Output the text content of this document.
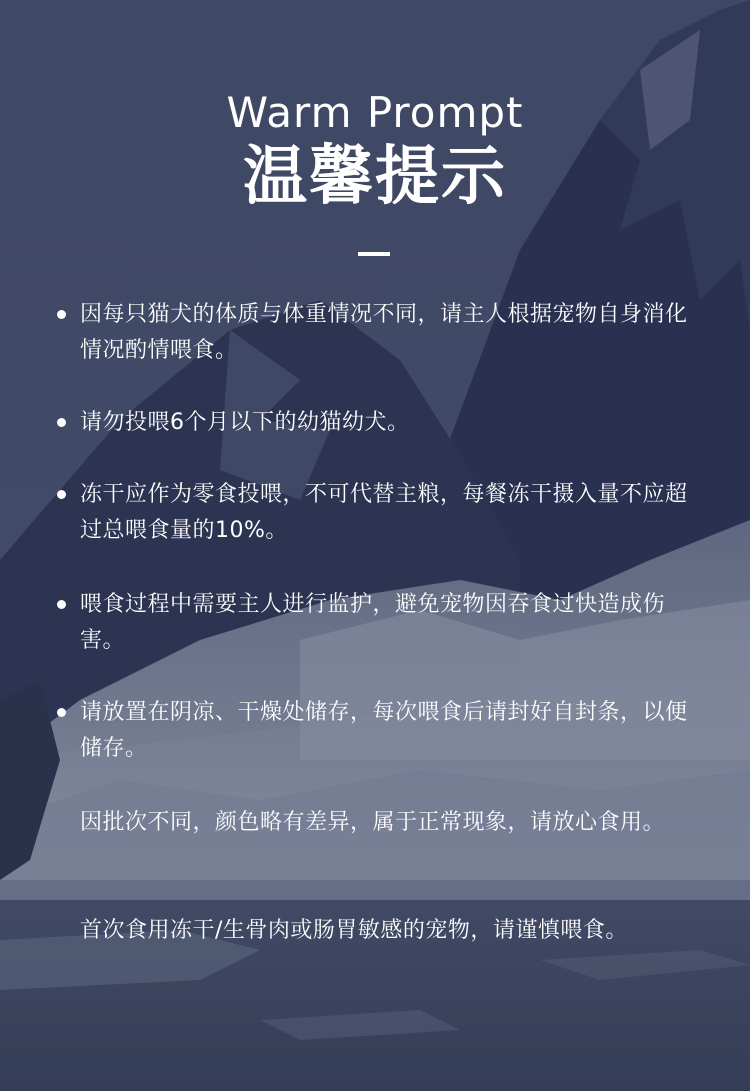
Warm Prompt
温馨提示
因每只猫犬的体质与体重情况不同，请主人根据宠物自身消化情况酌情喂食。
请勿投喂6个月以下的幼猫幼犬。
冻干应作为零食投喂，不可代替主粮，每餐冻干摄入量不应超过总喂食量的10%。
喂食过程中需要主人进行监护，避免宠物因吞食过快造成伤害。
请放置在阴凉、干燥处储存，每次喂食后请封好自封条，以便储存。
因批次不同，颜色略有差异，属于正常现象，请放心食用。
首次食用冻干/生骨肉或肠胃敏感的宠物，请谨慎喂食。
